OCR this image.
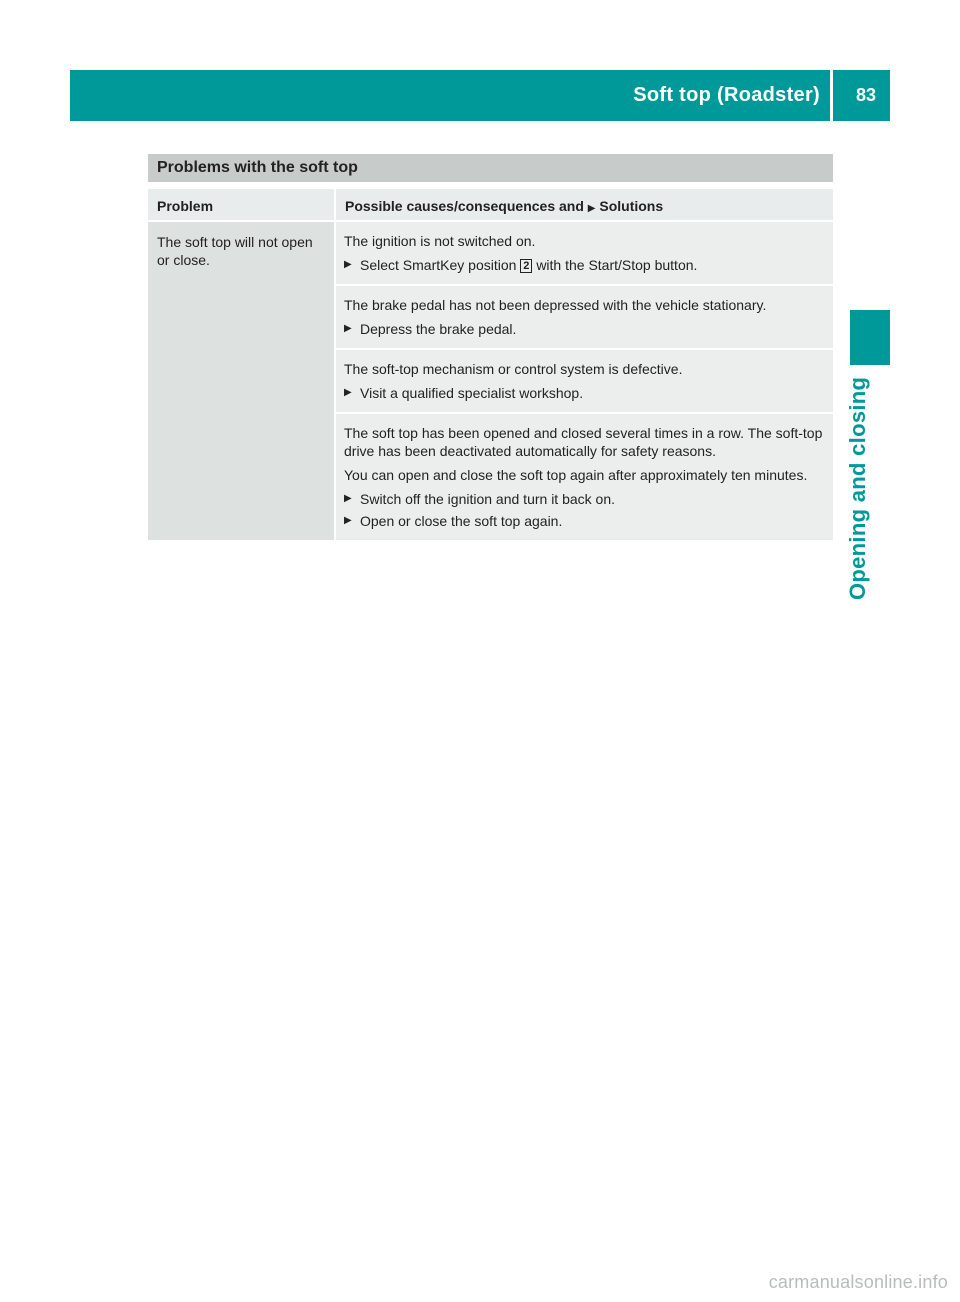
Soft top (Roadster) 83
Opening and closing
Problems with the soft top
Problem	Possible causes/consequences and ▶ Solutions
The soft top will not open or close.

The ignition is not switched on.

▶ Select SmartKey position 2 with the Start/Stop button.

The brake pedal has not been depressed with the vehicle stationary.

▶ Depress the brake pedal.

The soft-top mechanism or control system is defective.

▶ Visit a qualified specialist workshop.

The soft top has been opened and closed several times in a row. The soft-top drive has been deactivated automatically for safety reasons.

You can open and close the soft top again after approximately ten minutes.

▶ Switch off the ignition and turn it back on.
▶ Open or close the soft top again.
carmanualsonline.info
